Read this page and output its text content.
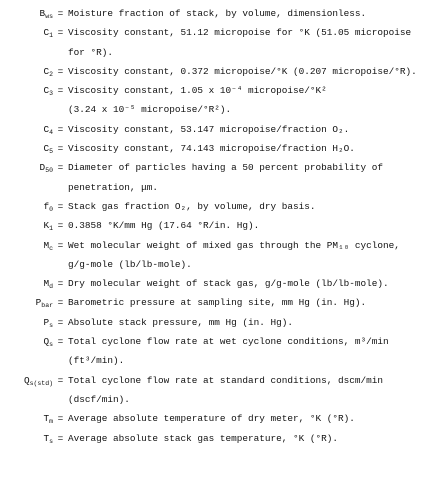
$B_{ws}$ = Moisture fraction of stack, by volume, dimensionless.
$C_1$ = Viscosity constant, 51.12 micropoise for °K (51.05 micropoise
for °R).
$C_2$ = Viscosity constant, 0.372 micropoise/°K (0.207 micropoise/°R).
$C_3$ = Viscosity constant, 1.05 x 10⁻⁴ micropoise/°K²
(3.24 x 10⁻⁵ micropoise/°R²).
$C_4$ = Viscosity constant, 53.147 micropoise/fraction O₂.
$C_5$ = Viscosity constant, 74.143 micropoise/fraction H₂O.
$D_{50}$ = Diameter of particles having a 50 percent probability of
penetration, μm.
$f_0$ = Stack gas fraction O₂, by volume, dry basis.
$K_1 = 0.3858$ °K/mm Hg (17.64 °R/in. Hg).
$M_c$ = Wet molecular weight of mixed gas through the PM₁₀ cyclone,
g/g-mole (lb/lb-mole).
$M_d$ = Dry molecular weight of stack gas, g/g-mole (lb/lb-mole).
$P_{bar}$ = Barometric pressure at sampling site, mm Hg (in. Hg).
$P_s$ = Absolute stack pressure, mm Hg (in. Hg).
$Q_s$ = Total cyclone flow rate at wet cyclone conditions, m³/min
(ft³/min).
$Q_{s(std)}$ = Total cyclone flow rate at standard conditions, dscm/min
(dscf/min).
$T_m$ = Average absolute temperature of dry meter, °K (°R).
$T_s$ = Average absolute stack gas temperature, °K (°R).
